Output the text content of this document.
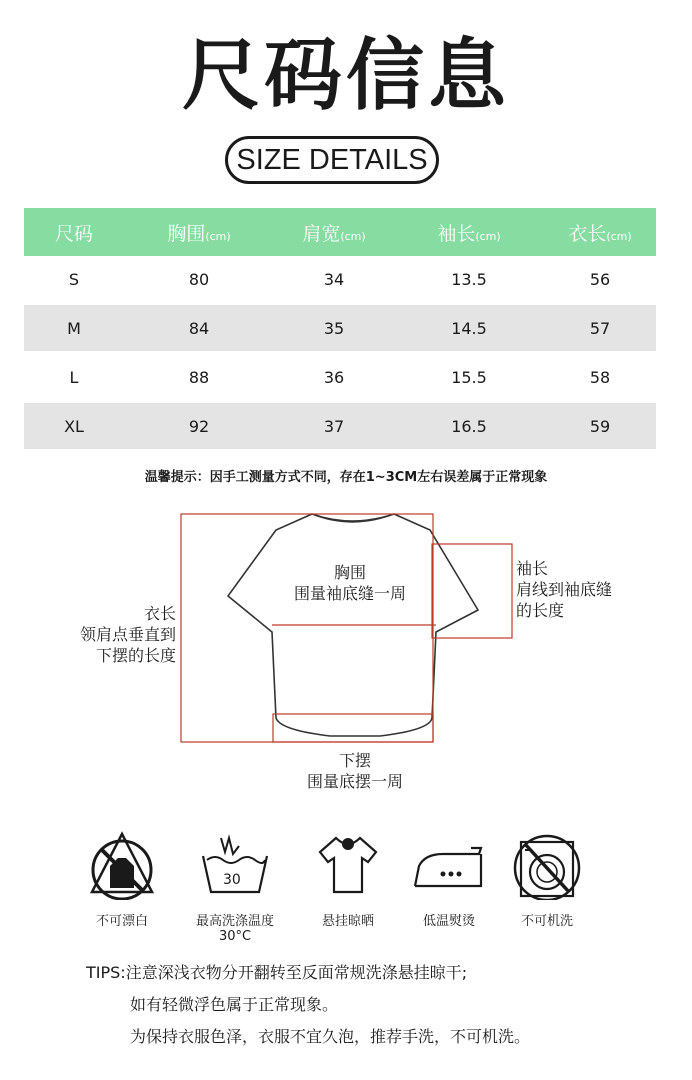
尺码信息
SIZE DETAILS
尺码	胸围(cm)	肩宽(cm)	袖长(cm)	衣长(cm)
S	80	34	13.5	56

M	84	35	14.5	57

L	88	36	15.5	58

XL	92	37	16.5	59
温馨提示：因手工测量方式不同，存在1~3CM左右误差属于正常现象
胸围
围量袖底缝一周
袖长
肩线到袖底缝
的长度
衣长
领肩点垂直到
下摆的长度
下摆
围量底摆一周
不可漂白
30
最高洗涤温度30°C
悬挂晾晒	低温熨烫	不可机洗
TIPS:注意深浅衣物分开翻转至反面常规洗涤悬挂晾干;
如有轻微浮色属于正常现象。
为保持衣服色泽，衣服不宜久泡，推荐手洗，不可机洗。
